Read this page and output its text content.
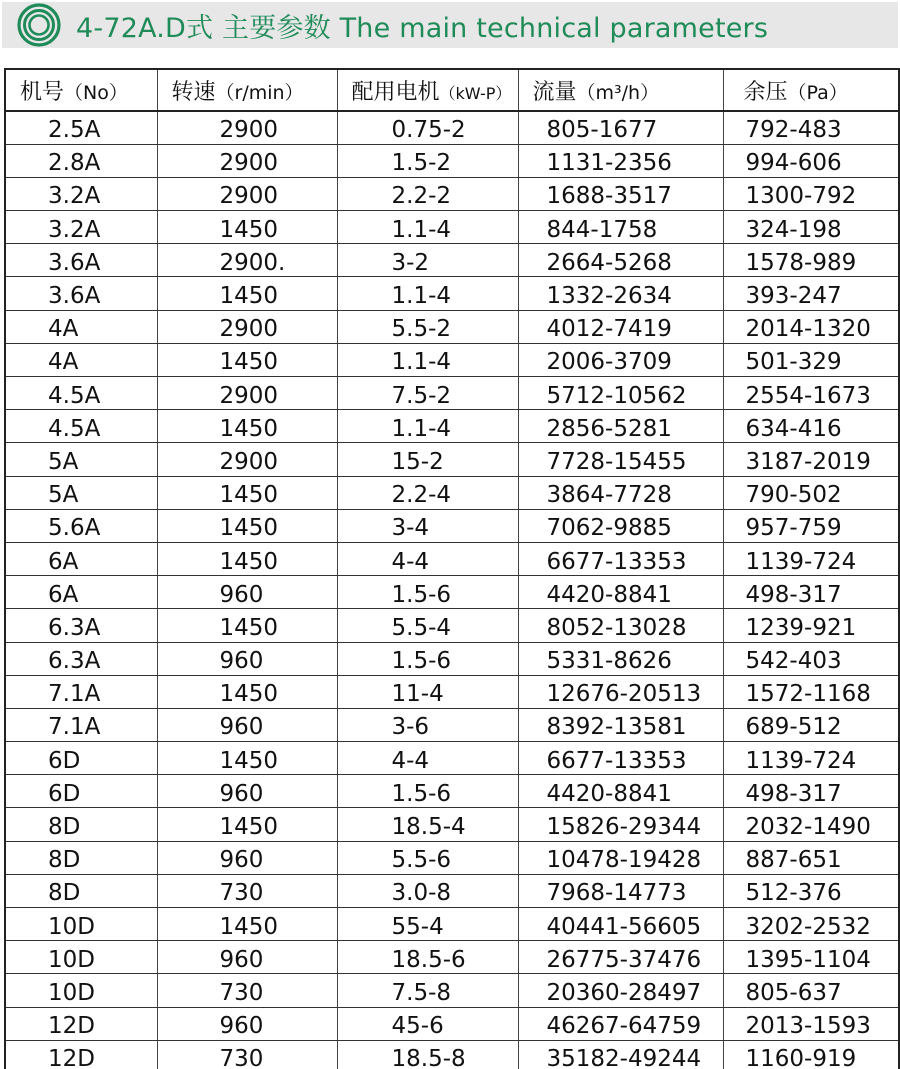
4-72A.D式 主要参数 The main technical parameters
机号（No）	转速（r/min）	配用电机（kW-P）	流量（m³/h）	余压（Pa）
2.5A	2900	0.75-2	805-1677	792-483
2.8A	2900	1.5-2	1131-2356	994-606
3.2A	2900	2.2-2	1688-3517	1300-792
3.2A	1450	1.1-4	844-1758	324-198
3.6A	2900.	3-2	2664-5268	1578-989
3.6A	1450	1.1-4	1332-2634	393-247
4A	2900	5.5-2	4012-7419	2014-1320
4A	1450	1.1-4	2006-3709	501-329
4.5A	2900	7.5-2	5712-10562	2554-1673
4.5A	1450	1.1-4	2856-5281	634-416
5A	2900	15-2	7728-15455	3187-2019
5A	1450	2.2-4	3864-7728	790-502
5.6A	1450	3-4	7062-9885	957-759
6A	1450	4-4	6677-13353	1139-724
6A	960	1.5-6	4420-8841	498-317
6.3A	1450	5.5-4	8052-13028	1239-921
6.3A	960	1.5-6	5331-8626	542-403
7.1A	1450	11-4	12676-20513	1572-1168
7.1A	960	3-6	8392-13581	689-512
6D	1450	4-4	6677-13353	1139-724
6D	960	1.5-6	4420-8841	498-317
8D	1450	18.5-4	15826-29344	2032-1490
8D	960	5.5-6	10478-19428	887-651
8D	730	3.0-8	7968-14773	512-376
10D	1450	55-4	40441-56605	3202-2532
10D	960	18.5-6	26775-37476	1395-1104
10D	730	7.5-8	20360-28497	805-637
12D	960	45-6	46267-64759	2013-1593
12D	730	18.5-8	35182-49244	1160-919
